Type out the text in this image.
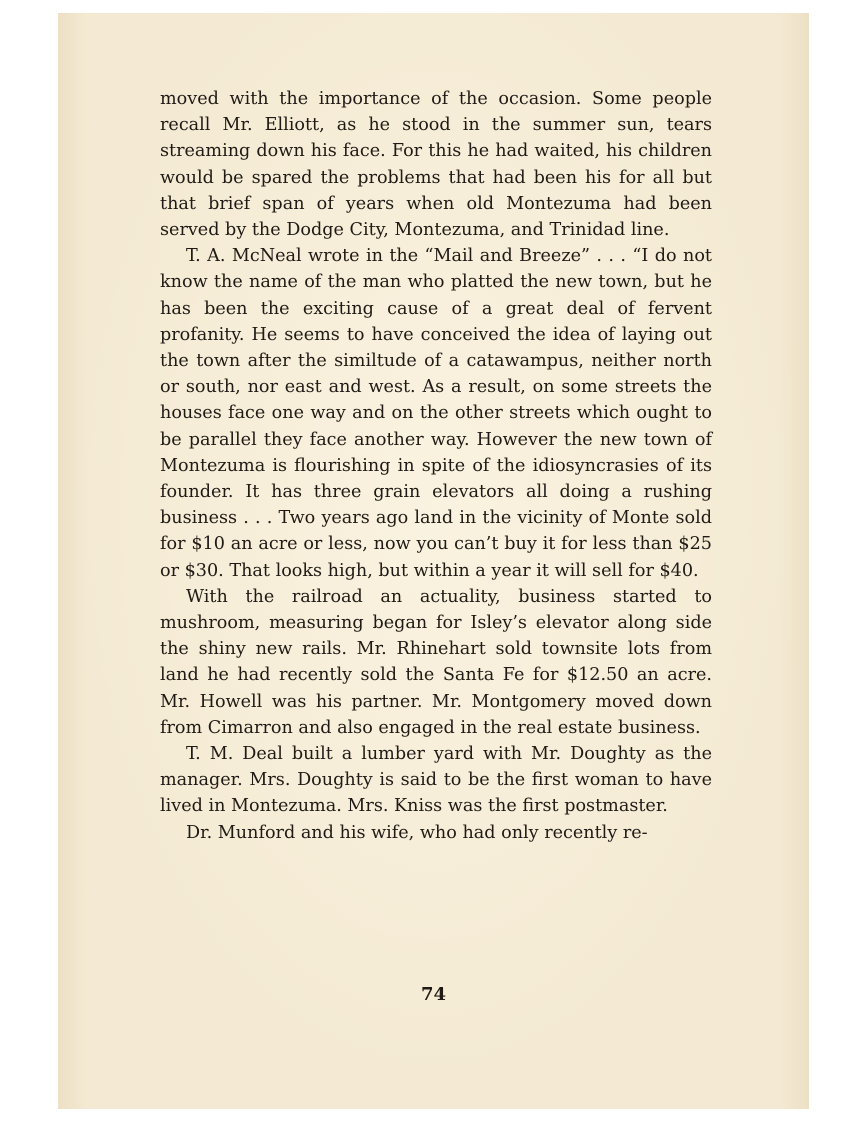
moved with the importance of the occasion. Some people recall Mr. Elliott, as he stood in the summer sun, tears streaming down his face. For this he had waited, his children would be spared the problems that had been his for all but that brief span of years when old Montezuma had been served by the Dodge City, Montezuma, and Trinidad line.

T. A. McNeal wrote in the “Mail and Breeze” . . . “I do not know the name of the man who platted the new town, but he has been the exciting cause of a great deal of fervent profanity. He seems to have conceived the idea of laying out the town after the similtude of a catawampus, neither north or south, nor east and west. As a result, on some streets the houses face one way and on the other streets which ought to be parallel they face another way. However the new town of Montezuma is flourishing in spite of the idiosyncrasies of its founder. It has three grain elevators all doing a rushing business . . . Two years ago land in the vicinity of Monte sold for $10 an acre or less, now you can’t buy it for less than $25 or $30. That looks high, but within a year it will sell for $40.

With the railroad an actuality, business started to mushroom, measuring began for Isley’s elevator along side the shiny new rails. Mr. Rhinehart sold townsite lots from land he had recently sold the Santa Fe for $12.50 an acre. Mr. Howell was his partner. Mr. Montgomery moved down from Cimarron and also engaged in the real estate business.

T. M. Deal built a lumber yard with Mr. Doughty as the manager. Mrs. Doughty is said to be the first woman to have lived in Montezuma. Mrs. Kniss was the first postmaster.

Dr. Munford and his wife, who had only recently re-

74
